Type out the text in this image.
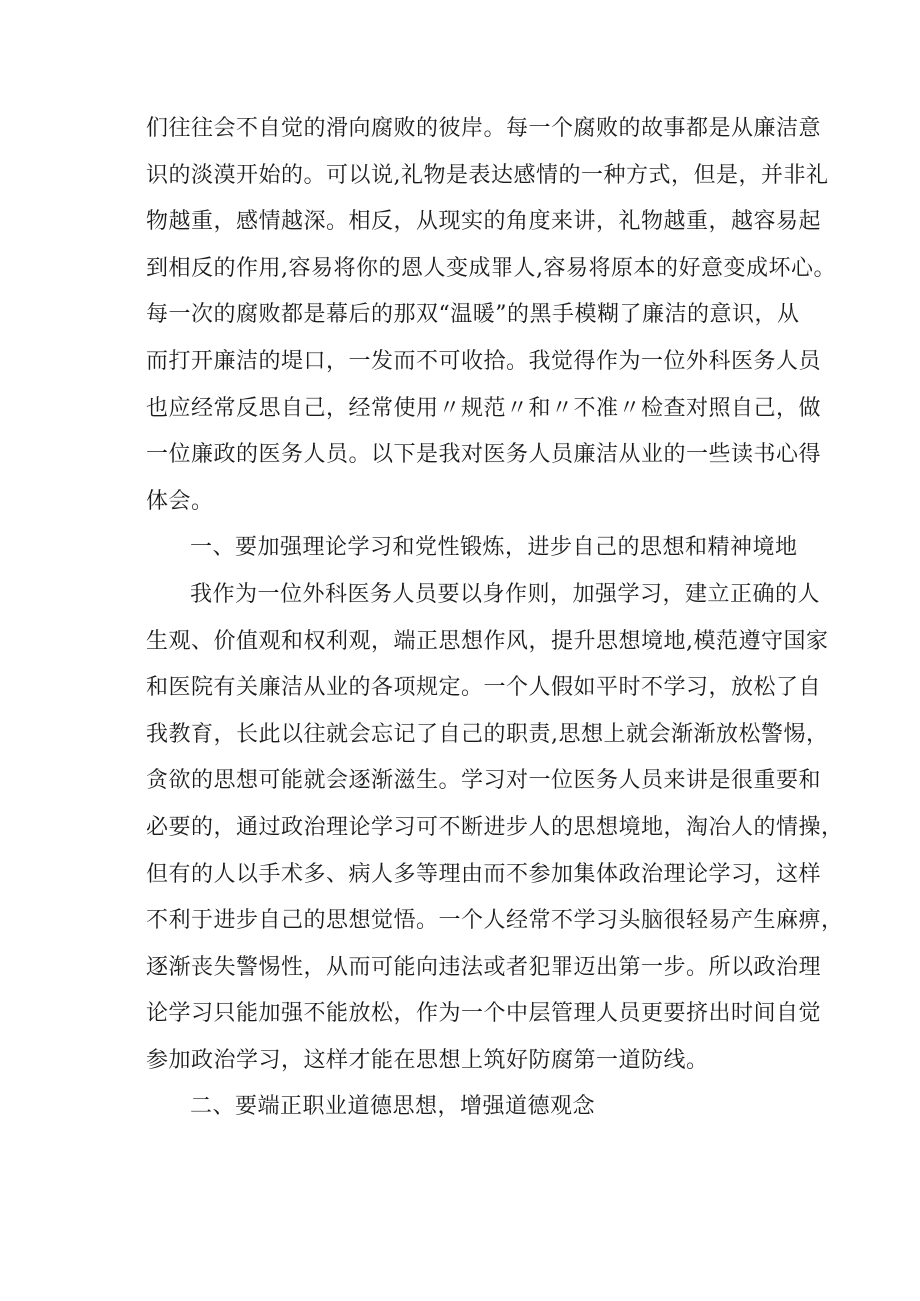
们往往会不自觉的滑向腐败的彼岸。每一个腐败的故事都是从廉洁意
识的淡漠开始的。可以说,礼物是表达感情的一种方式，但是，并非礼
物越重，感情越深。相反，从现实的角度来讲，礼物越重，越容易起
到相反的作用,容易将你的恩人变成罪人,容易将原本的好意变成坏心。
每一次的腐败都是幕后的那双“温暖”的黑手模糊了廉洁的意识，从
而打开廉洁的堤口，一发而不可收拾。我觉得作为一位外科医务人员
也应经常反思自己，经常使用〃规范〃和〃不准〃检查对照自己，做
一位廉政的医务人员。以下是我对医务人员廉洁从业的一些读书心得
体会。
一、要加强理论学习和党性锻炼，进步自己的思想和精神境地
我作为一位外科医务人员要以身作则，加强学习，建立正确的人
生观、价值观和权利观，端正思想作风，提升思想境地,模范遵守国家
和医院有关廉洁从业的各项规定。一个人假如平时不学习，放松了自
我教育，长此以往就会忘记了自己的职责,思想上就会渐渐放松警惕，
贪欲的思想可能就会逐渐滋生。学习对一位医务人员来讲是很重要和
必要的，通过政治理论学习可不断进步人的思想境地，淘冶人的情操，
但有的人以手术多、病人多等理由而不参加集体政治理论学习，这样
不利于进步自己的思想觉悟。一个人经常不学习头脑很轻易产生麻痹，
逐渐丧失警惕性，从而可能向违法或者犯罪迈出第一步。所以政治理
论学习只能加强不能放松，作为一个中层管理人员更要挤出时间自觉
参加政治学习，这样才能在思想上筑好防腐第一道防线。
二、要端正职业道德思想，增强道德观念
